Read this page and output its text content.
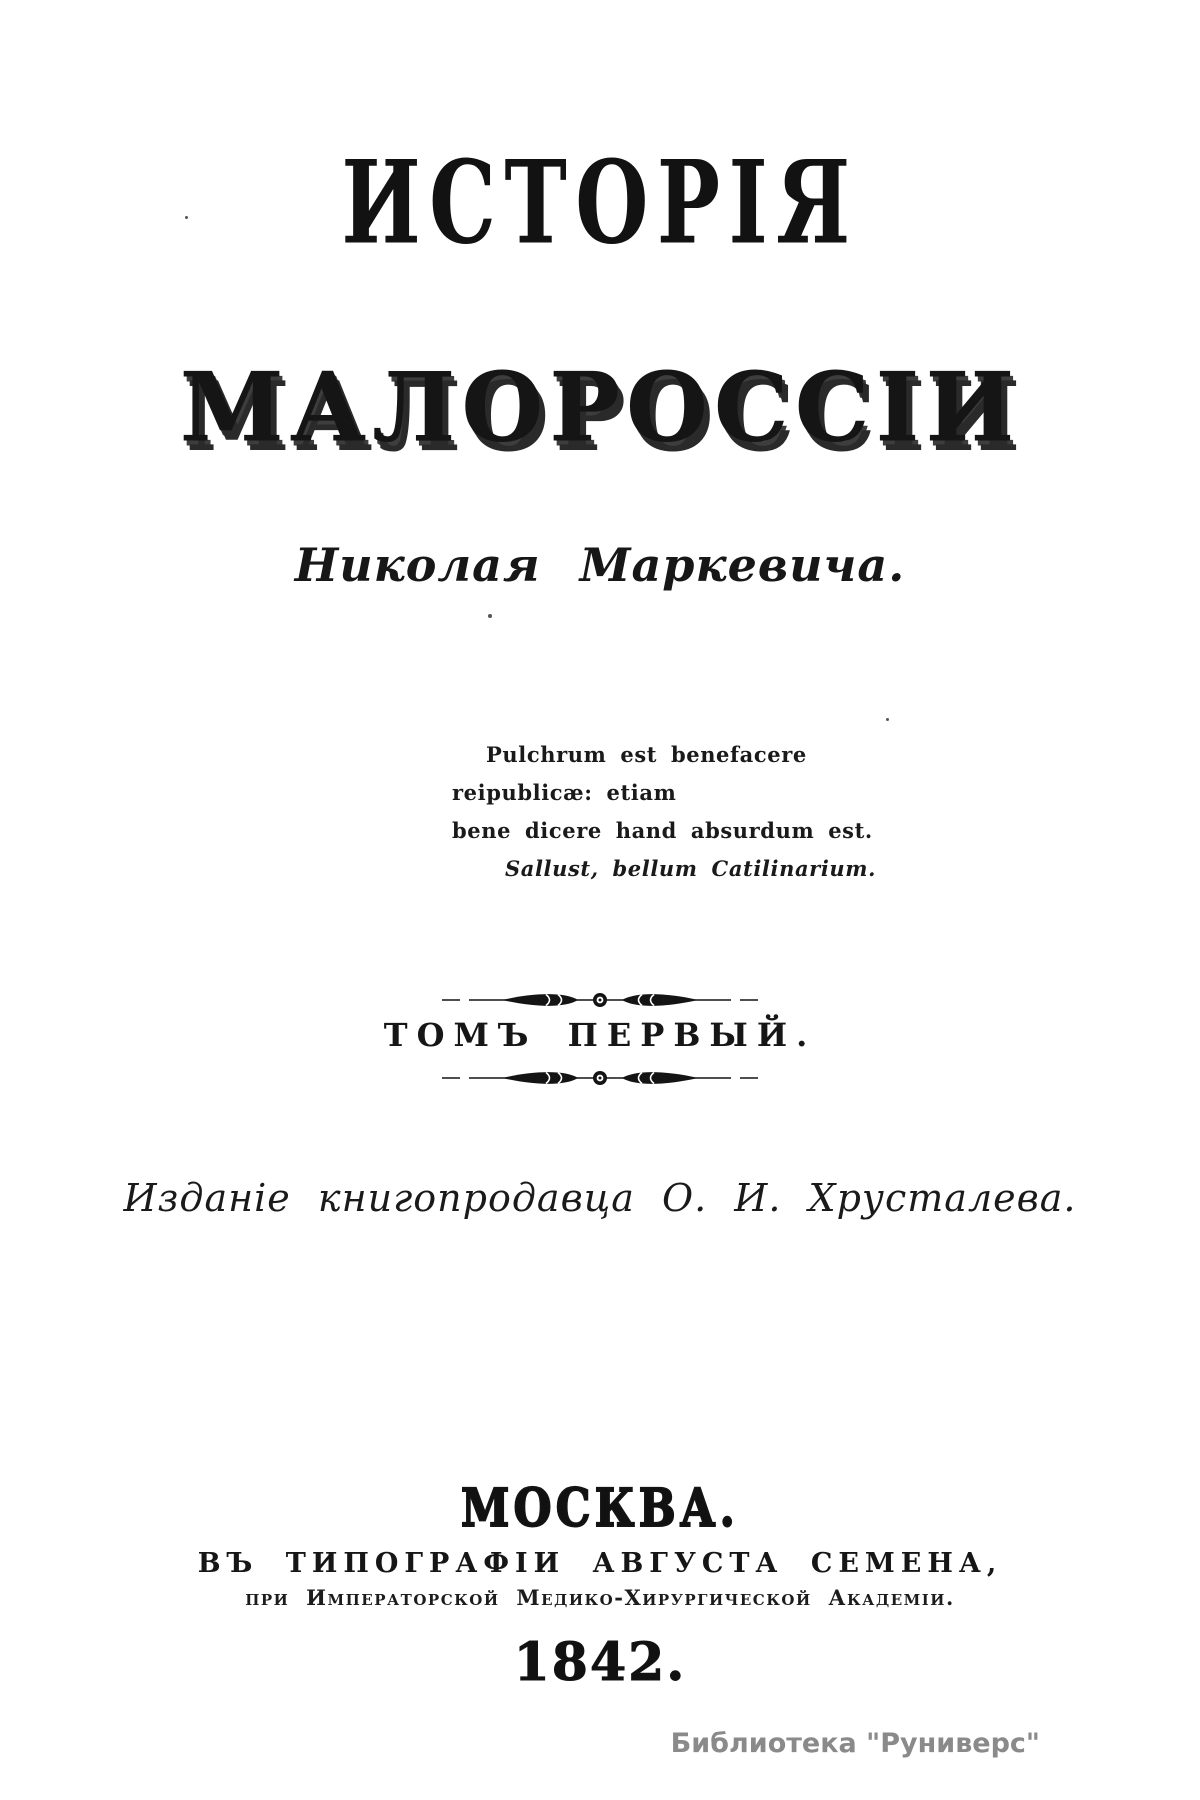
ИСТОРІЯ
МАЛОРОССІИ
Николая Маркевича.
Pulchrum est benefacere reipublicæ: etiam
bene dicere hand absurdum est.
Sallust, bellum Catilinarium.
ТОМЪ ПЕРВЫЙ.
Изданіе книгопродавца О. И. Хрусталева.
МОСКВА.
ВЪ ТИПОГРАФІИ АВГУСТА СЕМЕНА,
при Императорской Медико-Хирургической Академіи.
1842.
Библиотека "Руниверс"
